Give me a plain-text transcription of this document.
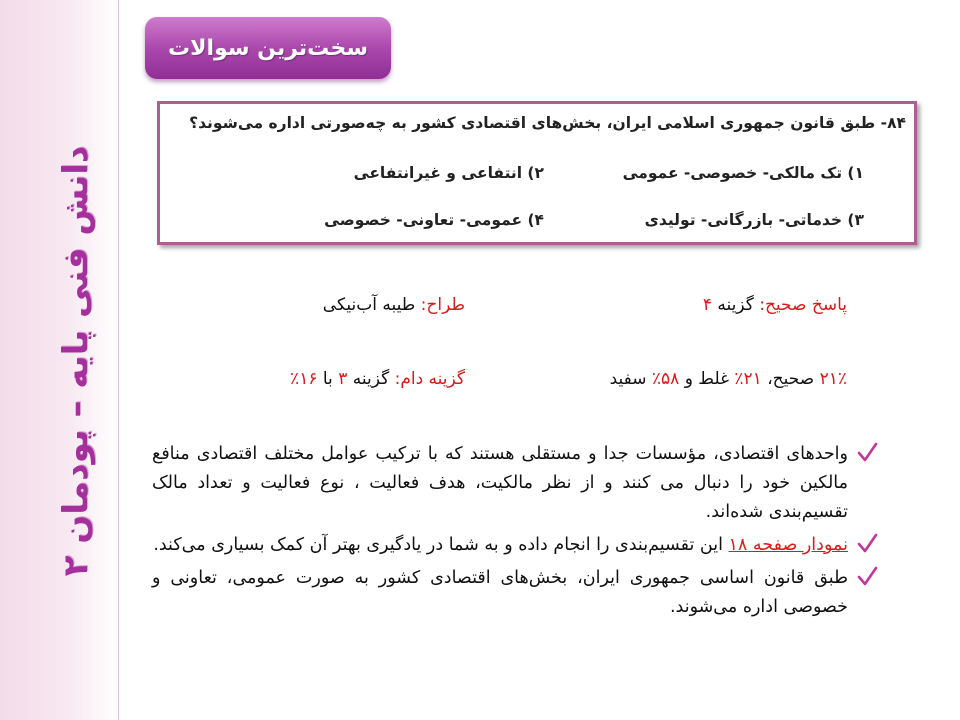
دانش فنی پایه – پودمان ۲
سخت‌ترین سوالات
۸۴- طبق قانون جمهوری اسلامی ایران، بخش‌های اقتصادی کشور به چه‌صورتی اداره می‌شوند؟
۱) تک مالکی- خصوصی- عمومی
۲) انتفاعی و غیرانتفاعی
۳) خدماتی- بازرگانی- تولیدی
۴) عمومی- تعاونی- خصوصی
پاسخ صحیح: گزینه ۴
طراح: طیبه آب‌نیکی
۲۱٪ صحیح، ۲۱٪ غلط و ۵۸٪ سفید
گزینه دام: گزینه ۳ با ۱۶٪
واحدهای اقتصادی، مؤسسات جدا و مستقلی هستند که با ترکیب عوامل مختلف اقتصادی منافع مالکین خود را دنبال می کنند و از نظر مالکیت، هدف فعالیت ، نوع فعالیت و تعداد مالک تقسیم‌بندی شده‌اند.
نمودار صفحه ۱۸ این تقسیم‌بندی را انجام داده و به شما در یادگیری بهتر آن کمک بسیاری می‌کند.
طبق قانون اساسی جمهوری ایران، بخش‌های اقتصادی کشور به صورت عمومی، تعاونی و خصوصی اداره می‌شوند.
